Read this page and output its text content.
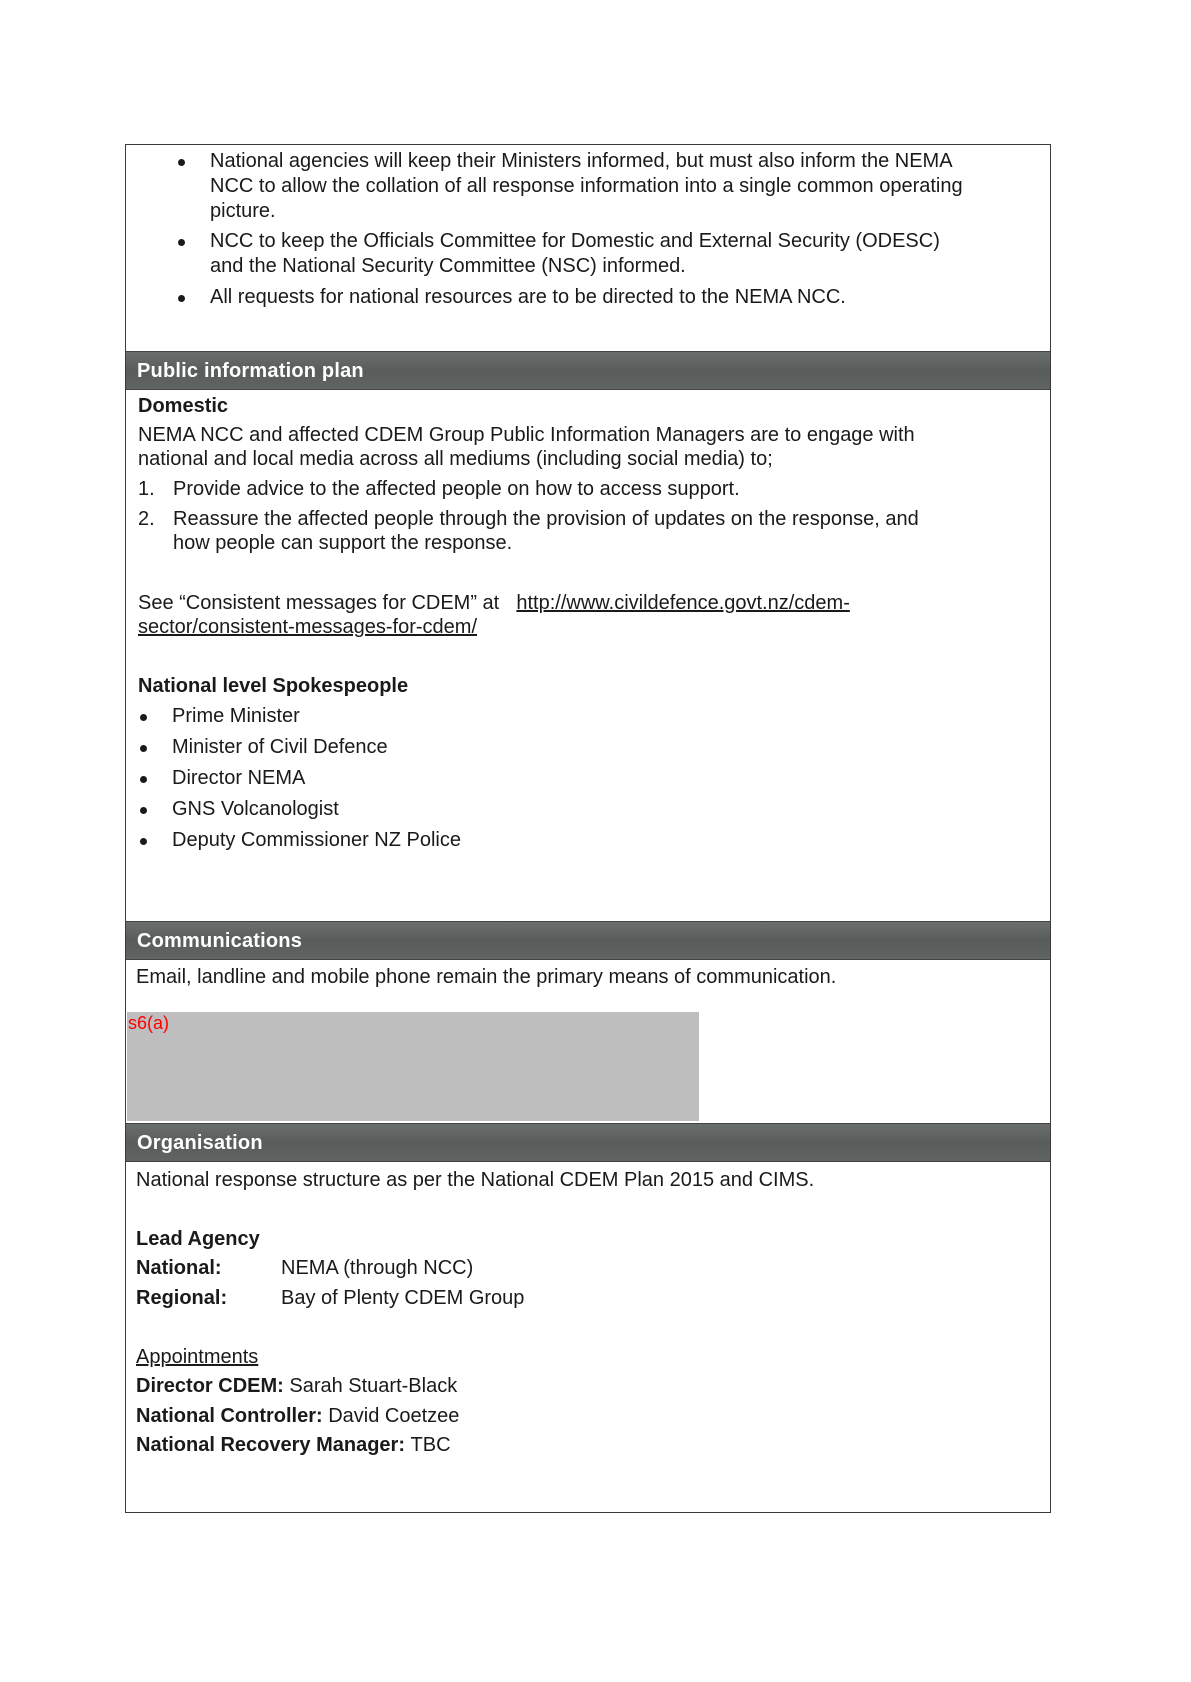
National agencies will keep their Ministers informed, but must also inform the NEMA
NCC to allow the collation of all response information into a single common operating
picture.
NCC to keep the Officials Committee for Domestic and External Security (ODESC)
and the National Security Committee (NSC) informed.
All requests for national resources are to be directed to the NEMA NCC.
Public information plan
Domestic
NEMA NCC and affected CDEM Group Public Information Managers are to engage with
national and local media across all mediums (including social media) to;
1. Provide advice to the affected people on how to access support.
2. Reassure the affected people through the provision of updates on the response, and
how people can support the response.
See “Consistent messages for CDEM” at http://www.civildefence.govt.nz/cdem-
sector/consistent-messages-for-cdem/
National level Spokespeople
Prime Minister
Minister of Civil Defence
Director NEMA
GNS Volcanologist
Deputy Commissioner NZ Police
Communications
Email, landline and mobile phone remain the primary means of communication.
s6(a)
Organisation
National response structure as per the National CDEM Plan 2015 and CIMS.
Lead Agency
National:	NEMA (through NCC)
Regional:	Bay of Plenty CDEM Group
Appointments
Director CDEM: Sarah Stuart-Black
National Controller: David Coetzee
National Recovery Manager: TBC
